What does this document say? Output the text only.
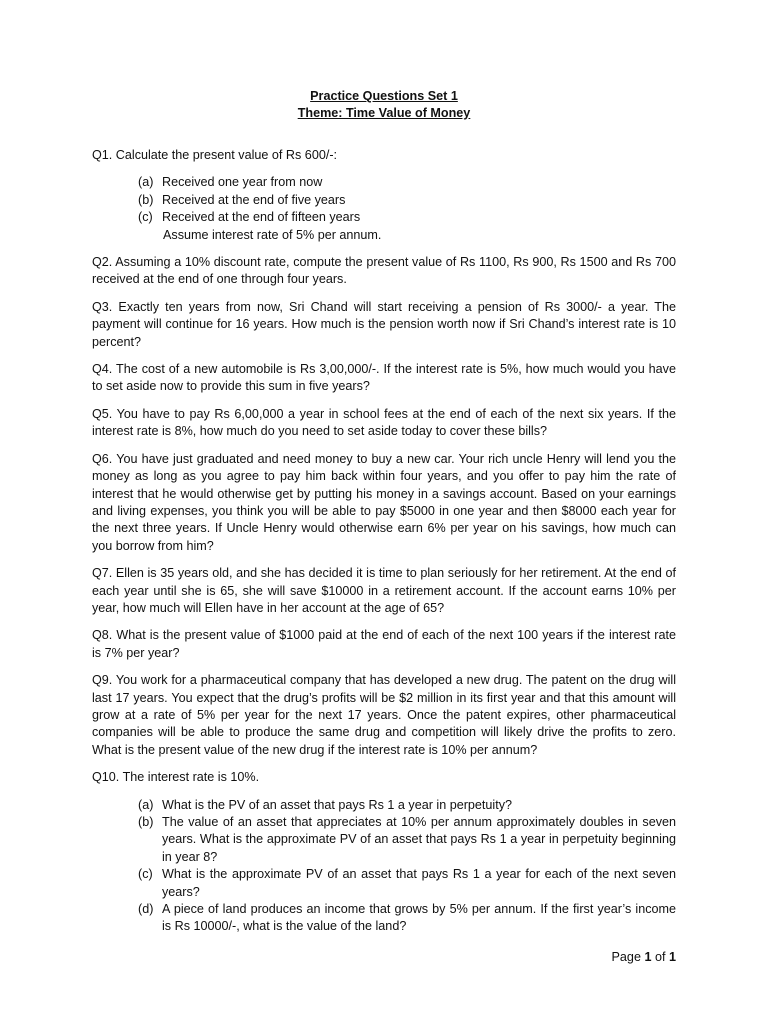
Practice Questions Set 1
Theme: Time Value of Money
Q1. Calculate the present value of Rs 600/-:
(a) Received one year from now
(b) Received at the end of five years
(c) Received at the end of fifteen years
Assume interest rate of 5% per annum.

Q2. Assuming a 10% discount rate, compute the present value of Rs 1100, Rs 900, Rs 1500 and Rs 700 received at the end of one through four years.

Q3. Exactly ten years from now, Sri Chand will start receiving a pension of Rs 3000/- a year. The payment will continue for 16 years. How much is the pension worth now if Sri Chand’s interest rate is 10 percent?

Q4. The cost of a new automobile is Rs 3,00,000/-. If the interest rate is 5%, how much would you have to set aside now to provide this sum in five years?

Q5. You have to pay Rs 6,00,000 a year in school fees at the end of each of the next six years. If the interest rate is 8%, how much do you need to set aside today to cover these bills?

Q6. You have just graduated and need money to buy a new car. Your rich uncle Henry will lend you the money as long as you agree to pay him back within four years, and you offer to pay him the rate of interest that he would otherwise get by putting his money in a savings account. Based on your earnings and living expenses, you think you will be able to pay $5000 in one year and then $8000 each year for the next three years. If Uncle Henry would otherwise earn 6% per year on his savings, how much can you borrow from him?

Q7. Ellen is 35 years old, and she has decided it is time to plan seriously for her retirement. At the end of each year until she is 65, she will save $10000 in a retirement account. If the account earns 10% per year, how much will Ellen have in her account at the age of 65?

Q8. What is the present value of $1000 paid at the end of each of the next 100 years if the interest rate is 7% per year?

Q9. You work for a pharmaceutical company that has developed a new drug. The patent on the drug will last 17 years. You expect that the drug’s profits will be $2 million in its first year and that this amount will grow at a rate of 5% per year for the next 17 years. Once the patent expires, other pharmaceutical companies will be able to produce the same drug and competition will likely drive the profits to zero. What is the present value of the new drug if the interest rate is 10% per annum?

Q10. The interest rate is 10%.

(a) What is the PV of an asset that pays Rs 1 a year in perpetuity?
(b) The value of an asset that appreciates at 10% per annum approximately doubles in seven years. What is the approximate PV of an asset that pays Rs 1 a year in perpetuity beginning in year 8?
(c) What is the approximate PV of an asset that pays Rs 1 a year for each of the next seven years?
(d) A piece of land produces an income that grows by 5% per annum. If the first year’s income is Rs 10000/-, what is the value of the land?
Page 1 of 1
